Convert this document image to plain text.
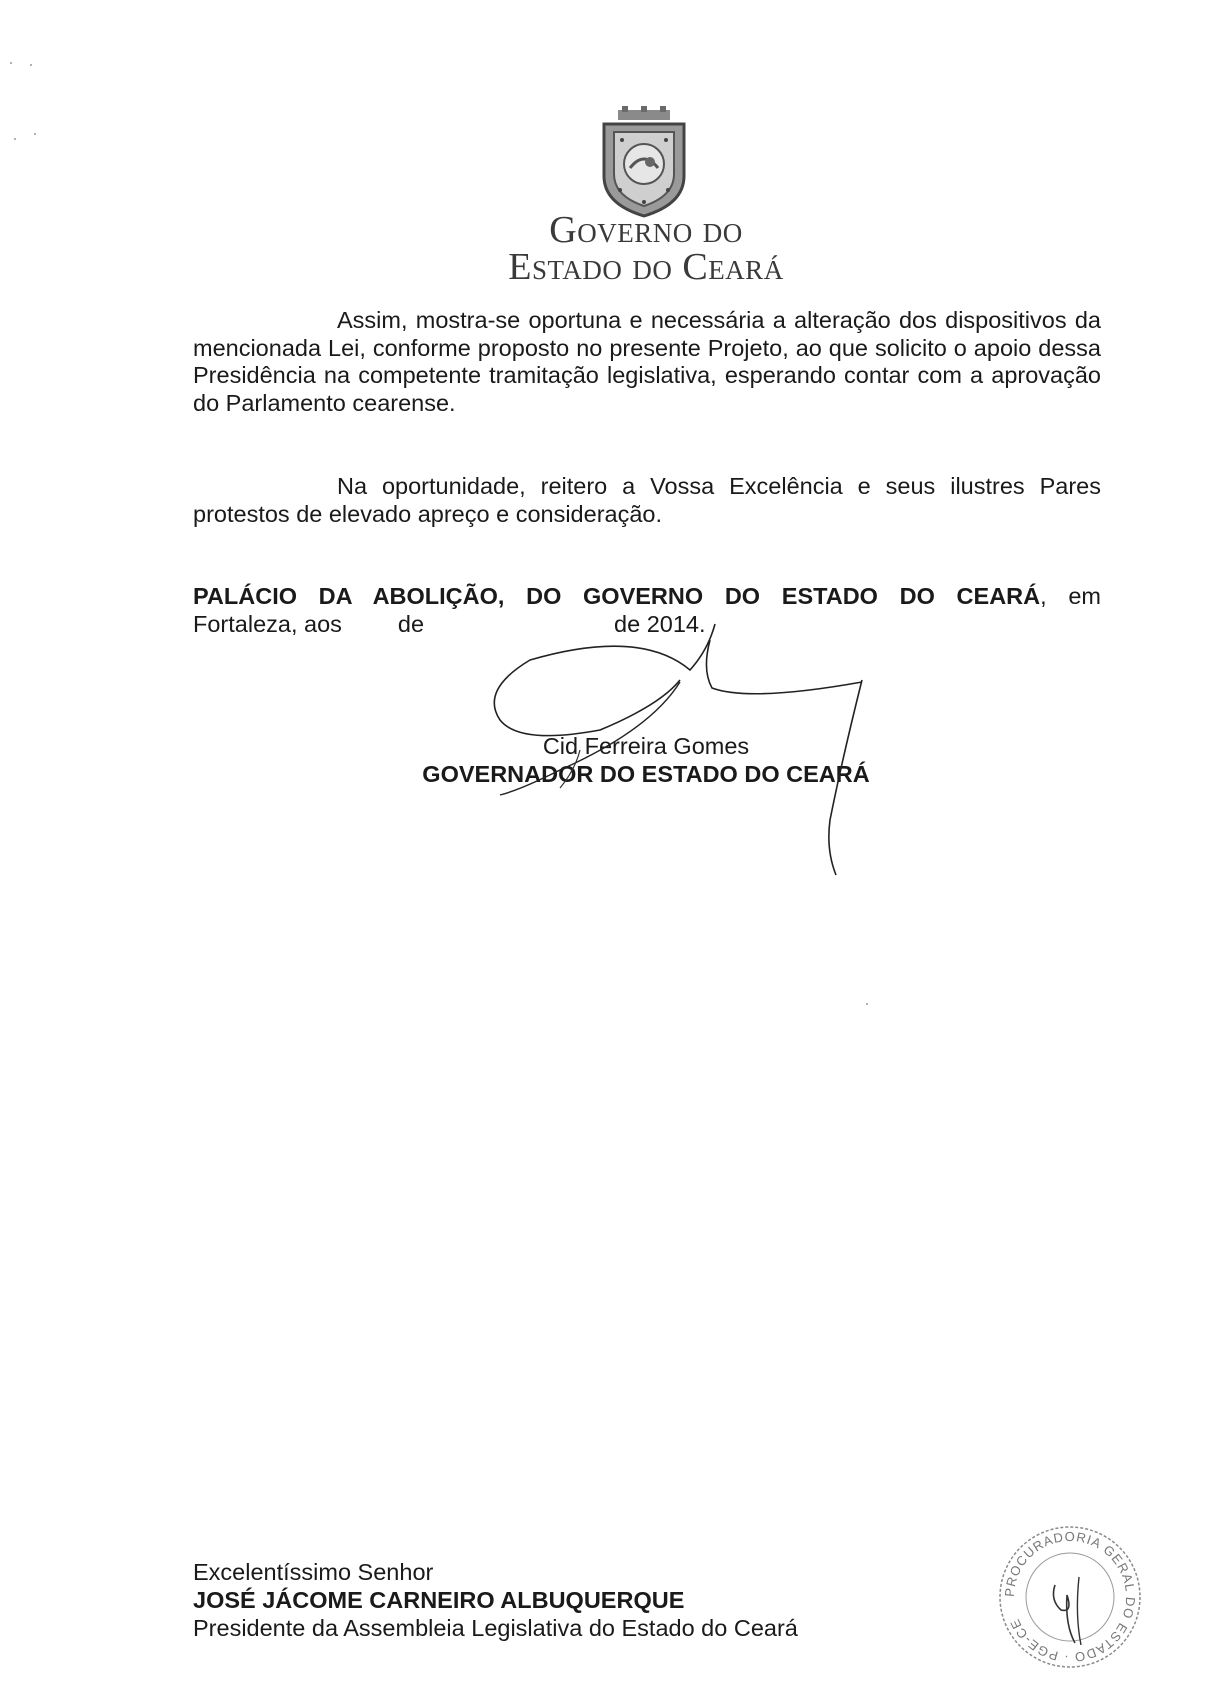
Governo do
Estado do Ceará

Assim, mostra-se oportuna e necessária a alteração dos dispositivos da mencionada Lei, conforme proposto no presente Projeto, ao que solicito o apoio dessa Presidência na competente tramitação legislativa, esperando contar com a aprovação do Parlamento cearense.

Na oportunidade, reitero a Vossa Excelência e seus ilustres Pares protestos de elevado apreço e consideração.

PALÁCIO DA ABOLIÇÃO, DO GOVERNO DO ESTADO DO CEARÁ, em
Fortaleza, aos de	de 2014.
Cid Ferreira Gomes
GOVERNADOR DO ESTADO DO CEARÁ
Excelentíssimo Senhor
JOSÉ JÁCOME CARNEIRO ALBUQUERQUE
Presidente da Assembleia Legislativa do Estado do Ceará
PROCURADORIA GERAL DO ESTADO · PGE-CE
